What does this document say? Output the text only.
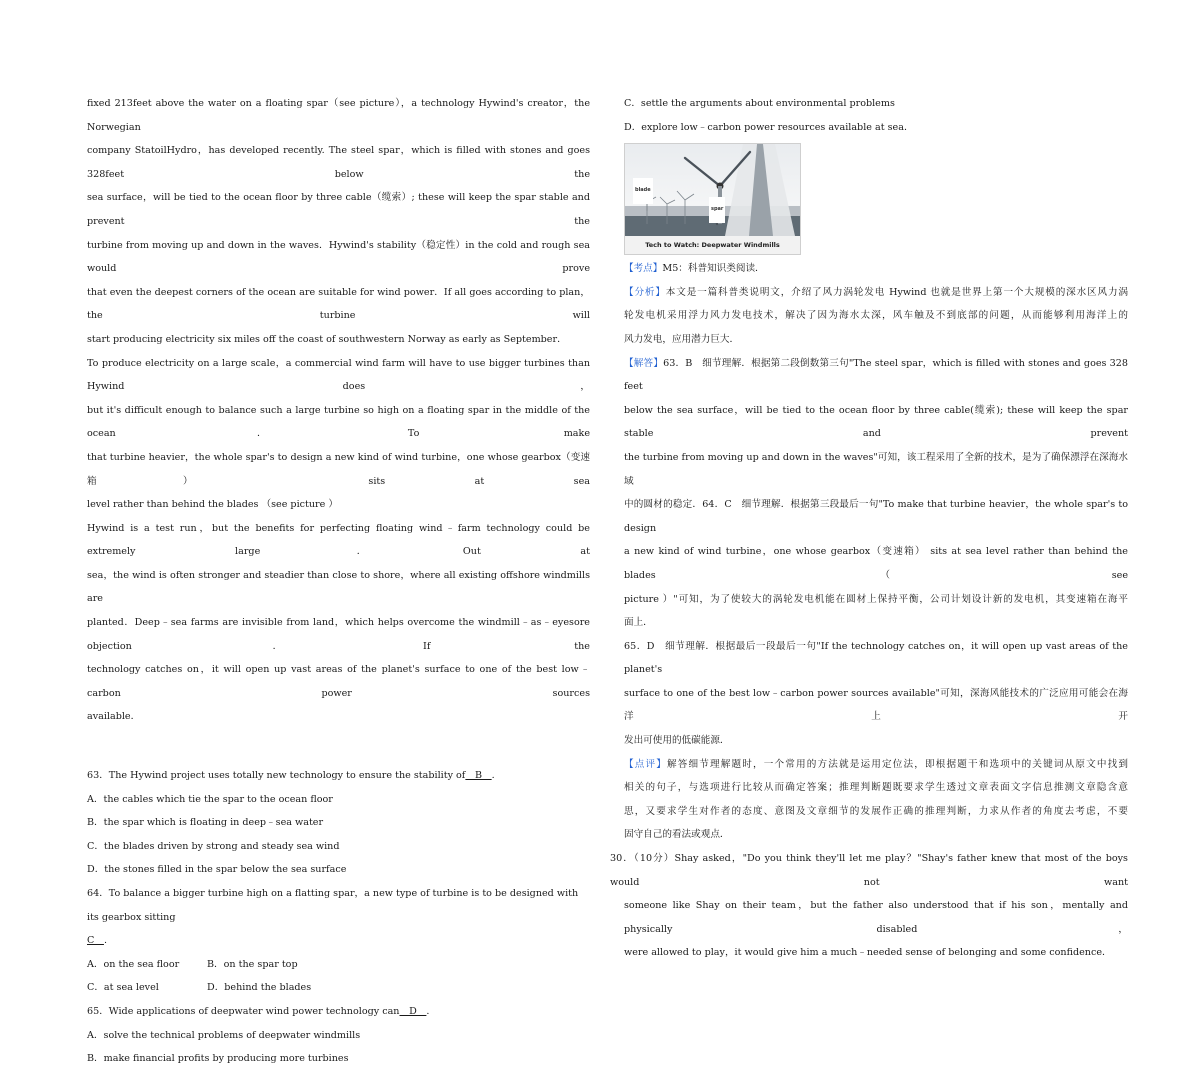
fixed 213feet above the water on a floating spar（see picture），a technology Hywind's creator，the Norwegian

company StatoilHydro，has developed recently. The steel spar，which is filled with stones and goes 328feet below the

sea surface，will be tied to the ocean floor by three cable（缆索）; these will keep the spar stable and prevent the

turbine from moving up and down in the waves．Hywind's stability（稳定性）in the cold and rough sea would prove

that even the deepest corners of the ocean are suitable for wind power．If all goes according to plan，the turbine will

start producing electricity six miles off the coast of southwestern Norway as early as September．

To produce electricity on a large scale，a commercial wind farm will have to use bigger turbines than Hywind does，

but it's difficult enough to balance such a large turbine so high on a floating spar in the middle of the ocean．To make

that turbine heavier，the whole spar's to design a new kind of wind turbine，one whose gearbox（变速箱） sits at sea

level rather than behind the blades （see picture ）

Hywind is a test run，but the benefits for perfecting floating wind﹣farm technology could be extremely large．Out at

sea，the wind is often stronger and steadier than close to shore，where all existing offshore windmills are

planted．Deep﹣sea farms are invisible from land，which helps overcome the windmill﹣as﹣eyesore objection．If the

technology catches on，it will open up vast areas of the planet's surface to one of the best low﹣carbon power sources

available．

63．The Hywind project uses totally new technology to ensure the stability of　B　.

A．the cables which tie the spar to the ocean floor

B．the spar which is floating in deep﹣sea water

C．the blades driven by strong and steady sea wind

D．the stones filled in the spar below the sea surface

64．To balance a bigger turbine high on a flatting spar，a new type of turbine is to be designed with its gearbox sitting

C　.

A．on the sea floor	B．on the spar top

C．at sea level	D．behind the blades

65．Wide applications of deepwater wind power technology can　D　.

A．solve the technical problems of deepwater windmills

B．make financial profits by producing more turbines

C．settle the arguments about environmental problems

D．explore low﹣carbon power resources available at sea．

blade
spar
Tech to Watch: Deepwater Windmills

【考点】M5：科普知识类阅读．

【分析】本文是一篇科普类说明文，介绍了风力涡轮发电 Hywind 也就是世界上第一个大规模的深水区风力涡

轮发电机采用浮力风力发电技术，解决了因为海水太深，风车触及不到底部的问题，从而能够利用海洋上的

风力发电，应用潜力巨大．

【解答】63．B　细节理解．根据第二段倒数第三句"The steel spar，which is filled with stones and goes 328 feet

below the sea surface，will be tied to the ocean floor by three cable(缆索); these will keep the spar stable and prevent

the turbine from moving up and down in the waves"可知，该工程采用了全新的技术，是为了确保漂浮在深海水域

中的圆材的稳定．64．C　细节理解．根据第三段最后一句"To make that turbine heavier，the whole spar's to design

a new kind of wind turbine，one whose gearbox（变速箱） sits at sea level rather than behind the blades （see

picture ）"可知，为了使较大的涡轮发电机能在圆材上保持平衡，公司计划设计新的发电机，其变速箱在海平

面上．

65．D　细节理解．根据最后一段最后一句"If the technology catches on，it will open up vast areas of the planet's

surface to one of the best low﹣carbon power sources available"可知，深海风能技术的广泛应用可能会在海洋上开

发出可使用的低碳能源．

【点评】解答细节理解题时，一个常用的方法就是运用定位法，即根据题干和选项中的关键词从原文中找到

相关的句子，与选项进行比较从而确定答案；推理判断题既要求学生透过文章表面文字信息推测文章隐含意

思，又要求学生对作者的态度、意图及文章细节的发展作正确的推理判断，力求从作者的角度去考虑，不要

固守自己的看法或观点．

30．（10分）Shay asked，"Do you think they'll let me play？"Shay's father knew that most of the boys would not want

someone like Shay on their team，but the father also understood that if his son，mentally and physically disabled，

were allowed to play，it would give him a much﹣needed sense of belonging and some confidence．
